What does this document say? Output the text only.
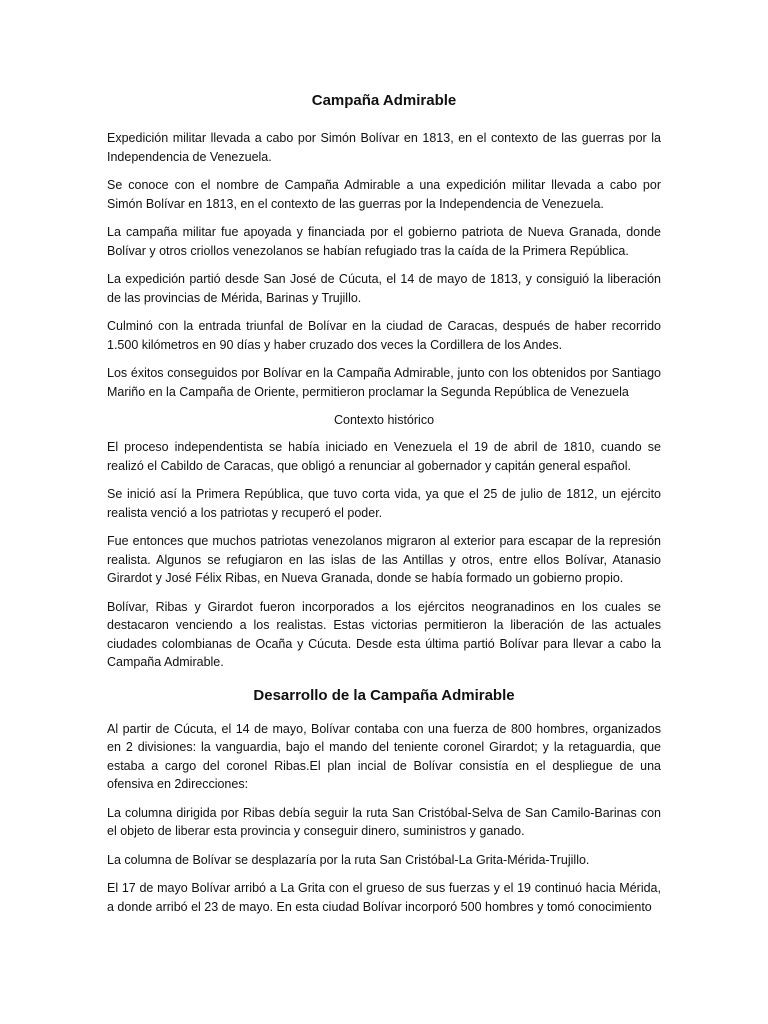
Campaña Admirable

Expedición militar llevada a cabo por Simón Bolívar en 1813, en el contexto de las guerras por la Independencia de Venezuela.

Se conoce con el nombre de Campaña Admirable a una expedición militar llevada a cabo por Simón Bolívar en 1813, en el contexto de las guerras por la Independencia de Venezuela.

La campaña militar fue apoyada y financiada por el gobierno patriota de Nueva Granada, donde Bolívar y otros criollos venezolanos se habían refugiado tras la caída de la Primera República.

La expedición partió desde San José de Cúcuta, el 14 de mayo de 1813, y consiguió la liberación de las provincias de Mérida, Barinas y Trujillo.

Culminó con la entrada triunfal de Bolívar en la ciudad de Caracas, después de haber recorrido 1.500 kilómetros en 90 días y haber cruzado dos veces la Cordillera de los Andes.

Los éxitos conseguidos por Bolívar en la Campaña Admirable, junto con los obtenidos por Santiago Mariño en la Campaña de Oriente, permitieron proclamar la Segunda República de Venezuela

Contexto histórico

El proceso independentista se había iniciado en Venezuela el 19 de abril de 1810, cuando se realizó el Cabildo de Caracas, que obligó a renunciar al gobernador y capitán general español.

Se inició así la Primera República, que tuvo corta vida, ya que el 25 de julio de 1812, un ejército realista venció a los patriotas y recuperó el poder.

Fue entonces que muchos patriotas venezolanos migraron al exterior para escapar de la represión realista. Algunos se refugiaron en las islas de las Antillas y otros, entre ellos Bolívar, Atanasio Girardot y José Félix Ribas, en Nueva Granada, donde se había formado un gobierno propio.

Bolívar, Ribas y Girardot fueron incorporados a los ejércitos neogranadinos en los cuales se destacaron venciendo a los realistas. Estas victorias permitieron la liberación de las actuales ciudades colombianas de Ocaña y Cúcuta. Desde esta última partió Bolívar para llevar a cabo la Campaña Admirable.

Desarrollo de la Campaña Admirable

Al partir de Cúcuta, el 14 de mayo, Bolívar contaba con una fuerza de 800 hombres, organizados en 2 divisiones: la vanguardia, bajo el mando del teniente coronel Girardot; y la retaguardia, que estaba a cargo del coronel Ribas.El plan incial de Bolívar consistía en el despliegue de una ofensiva en 2direcciones:

La columna dirigida por Ribas debía seguir la ruta San Cristóbal-Selva de San Camilo-Barinas con el objeto de liberar esta provincia y conseguir dinero, suministros y ganado.

La columna de Bolívar se desplazaría por la ruta San Cristóbal-La Grita-Mérida-Trujillo.

El 17 de mayo Bolívar arribó a La Grita con el grueso de sus fuerzas y el 19 continuó hacia Mérida, a donde arribó el 23 de mayo. En esta ciudad Bolívar incorporó 500 hombres y tomó conocimiento
